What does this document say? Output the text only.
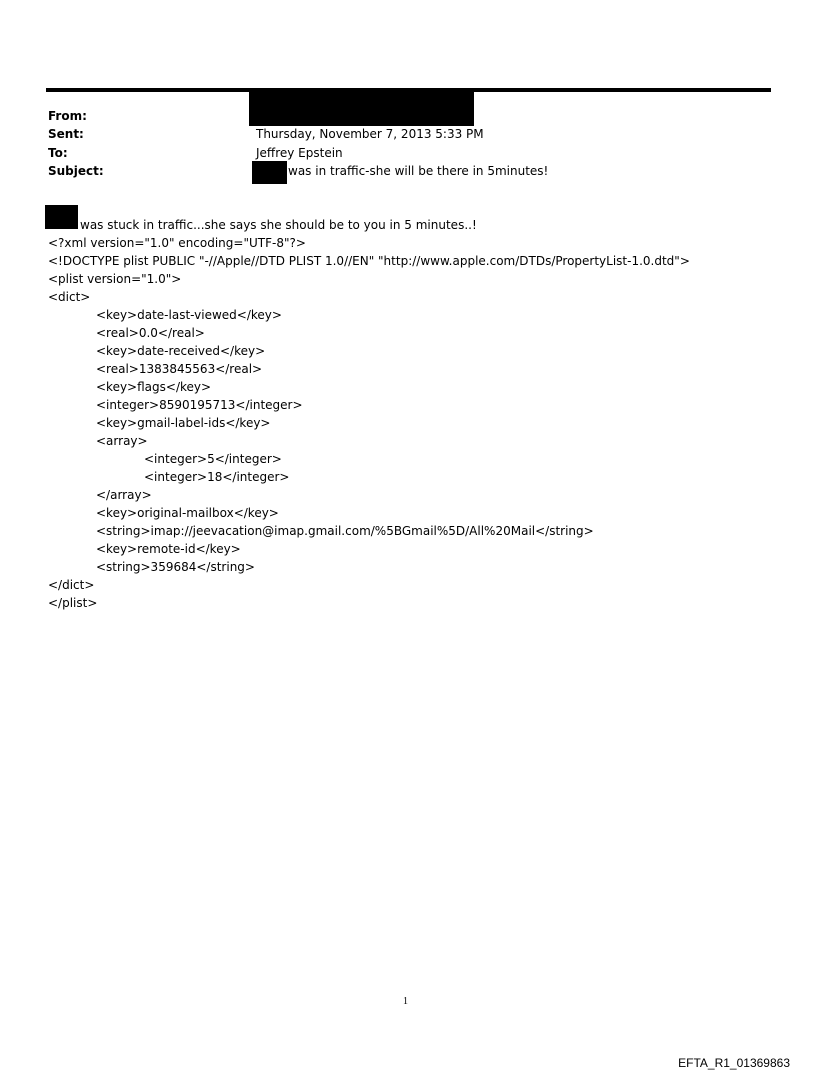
From:
Sent:
To:
Subject:
Thursday, November 7, 2013 5:33 PM
Jeffrey Epstein
was in traffic-she will be there in 5minutes!
was stuck in traffic...she says she should be to you in 5 minutes..!
<?xml version="1.0" encoding="UTF-8"?>
<!DOCTYPE plist PUBLIC "-//Apple//DTD PLIST 1.0//EN" "http://www.apple.com/DTDs/PropertyList-1.0.dtd">
<plist version="1.0">
<dict>
<key>date-last-viewed</key>
<real>0.0</real>
<key>date-received</key>
<real>1383845563</real>
<key>flags</key>
<integer>8590195713</integer>
<key>gmail-label-ids</key>
<array>
<integer>5</integer>
<integer>18</integer>
</array>
<key>original-mailbox</key>
<string>imap://jeevacation@imap.gmail.com/%5BGmail%5D/All%20Mail</string>
<key>remote-id</key>
<string>359684</string>
</dict>
</plist>
1
EFTA_R1_01369863
